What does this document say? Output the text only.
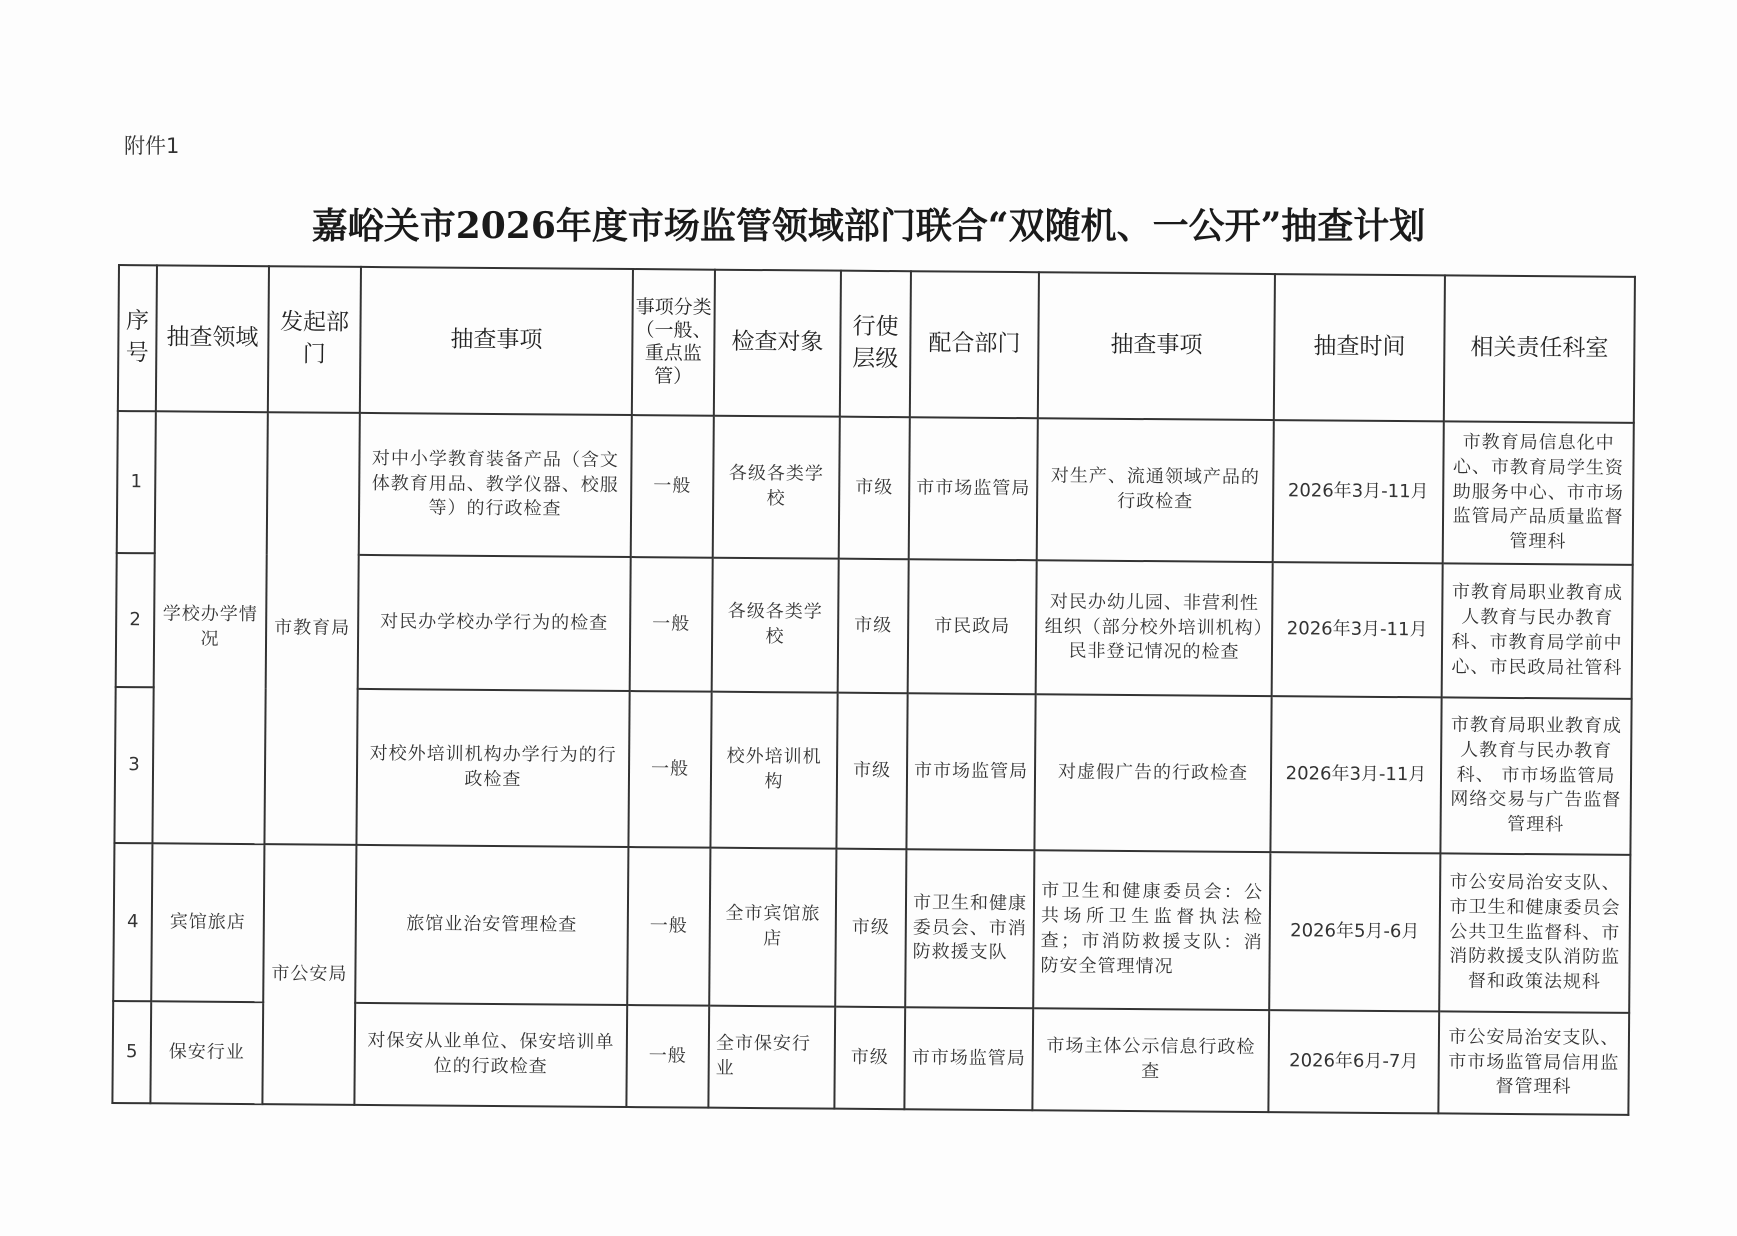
附件1
嘉峪关市2026年度市场监管领域部门联合“双随机、一公开”抽查计划
序号	抽查领域	发起部门	抽查事项	事项分类（一般、重点监管）	检查对象	行使层级	配合部门	抽查事项	抽查时间	相关责任科室
1	学校办学情况	市教育局	对中小学教育装备产品（含文体教育用品、教学仪器、校服等）的行政检查	一般	各级各类学校	市级	市市场监管局	对生产、流通领域产品的行政检查	2026年3月-11月	市教育局信息化中心、市教育局学生资助服务中心、市市场监管局产品质量监督管理科
2			对民办学校办学行为的检查	一般	各级各类学校	市级	市民政局	对民办幼儿园、非营利性组织（部分校外培训机构）民非登记情况的检查	2026年3月-11月	市教育局职业教育成人教育与民办教育科、市教育局学前中心、市民政局社管科
3			对校外培训机构办学行为的行政检查	一般	校外培训机构	市级	市市场监管局	对虚假广告的行政检查	2026年3月-11月	市教育局职业教育成人教育与民办教育科、 市市场监管局网络交易与广告监督管理科
4	宾馆旅店	市公安局	旅馆业治安管理检查	一般	全市宾馆旅店	市级	市卫生和健康委员会、市消防救援支队	市卫生和健康委员会：公共场所卫生监督执法检查；市消防救援支队：消防安全管理情况	2026年5月-6月	市公安局治安支队、市卫生和健康委员会公共卫生监督科、市消防救援支队消防监督和政策法规科
5	保安行业		对保安从业单位、保安培训单位的行政检查	一般	全市保安行业	市级	市市场监管局	市场主体公示信息行政检查	2026年6月-7月	市公安局治安支队、市市场监管局信用监督管理科
